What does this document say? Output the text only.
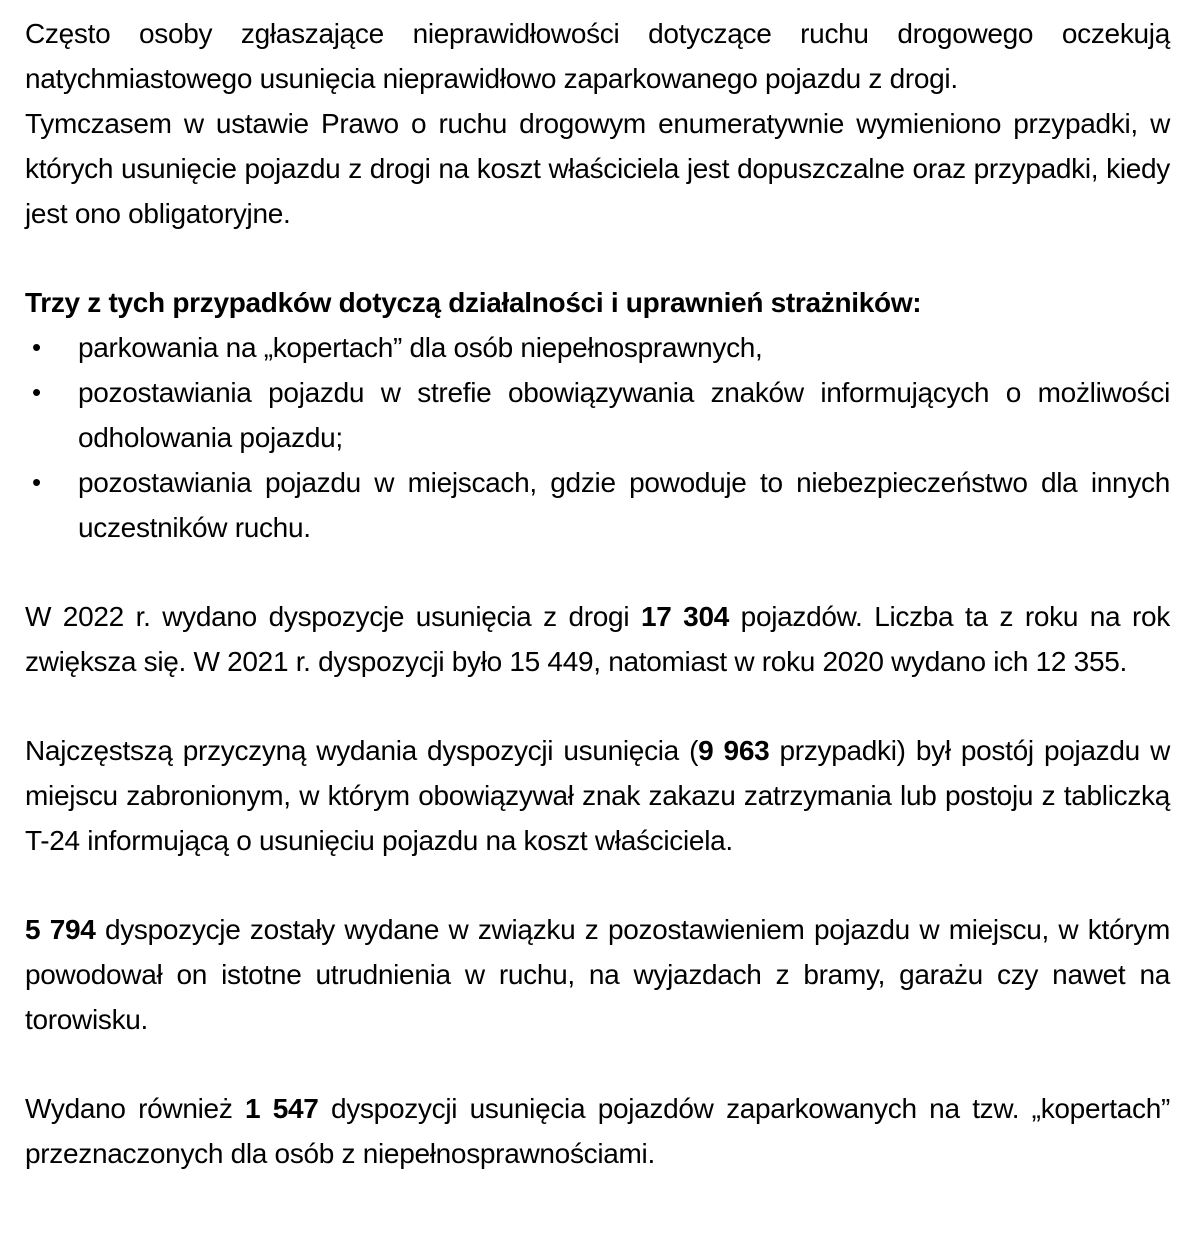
Często osoby zgłaszające nieprawidłowości dotyczące ruchu drogowego oczekują natychmiastowego usunięcia nieprawidłowo zaparkowanego pojazdu z drogi.

Tymczasem w ustawie Prawo o ruchu drogowym enumeratywnie wymieniono przypadki, w których usunięcie pojazdu z drogi na koszt właściciela jest dopuszczalne oraz przypadki, kiedy jest ono obligatoryjne.

Trzy z tych przypadków dotyczą działalności i uprawnień strażników:

• parkowania na „kopertach” dla osób niepełnosprawnych,
• pozostawiania pojazdu w strefie obowiązywania znaków informujących o możliwości odholowania pojazdu;
• pozostawiania pojazdu w miejscach, gdzie powoduje to niebezpieczeństwo dla innych uczestników ruchu.

W 2022 r. wydano dyspozycje usunięcia z drogi 17 304 pojazdów. Liczba ta z roku na rok zwiększa się. W 2021 r. dyspozycji było 15 449, natomiast w roku 2020 wydano ich 12 355.

Najczęstszą przyczyną wydania dyspozycji usunięcia (9 963 przypadki) był postój pojazdu w miejscu zabronionym, w którym obowiązywał znak zakazu zatrzymania lub postoju z tabliczką T-24 informującą o usunięciu pojazdu na koszt właściciela.

5 794 dyspozycje zostały wydane w związku z pozostawieniem pojazdu w miejscu, w którym powodował on istotne utrudnienia w ruchu, na wyjazdach z bramy, garażu czy nawet na torowisku.

Wydano również 1 547 dyspozycji usunięcia pojazdów zaparkowanych na tzw. „kopertach” przeznaczonych dla osób z niepełnosprawnościami.
